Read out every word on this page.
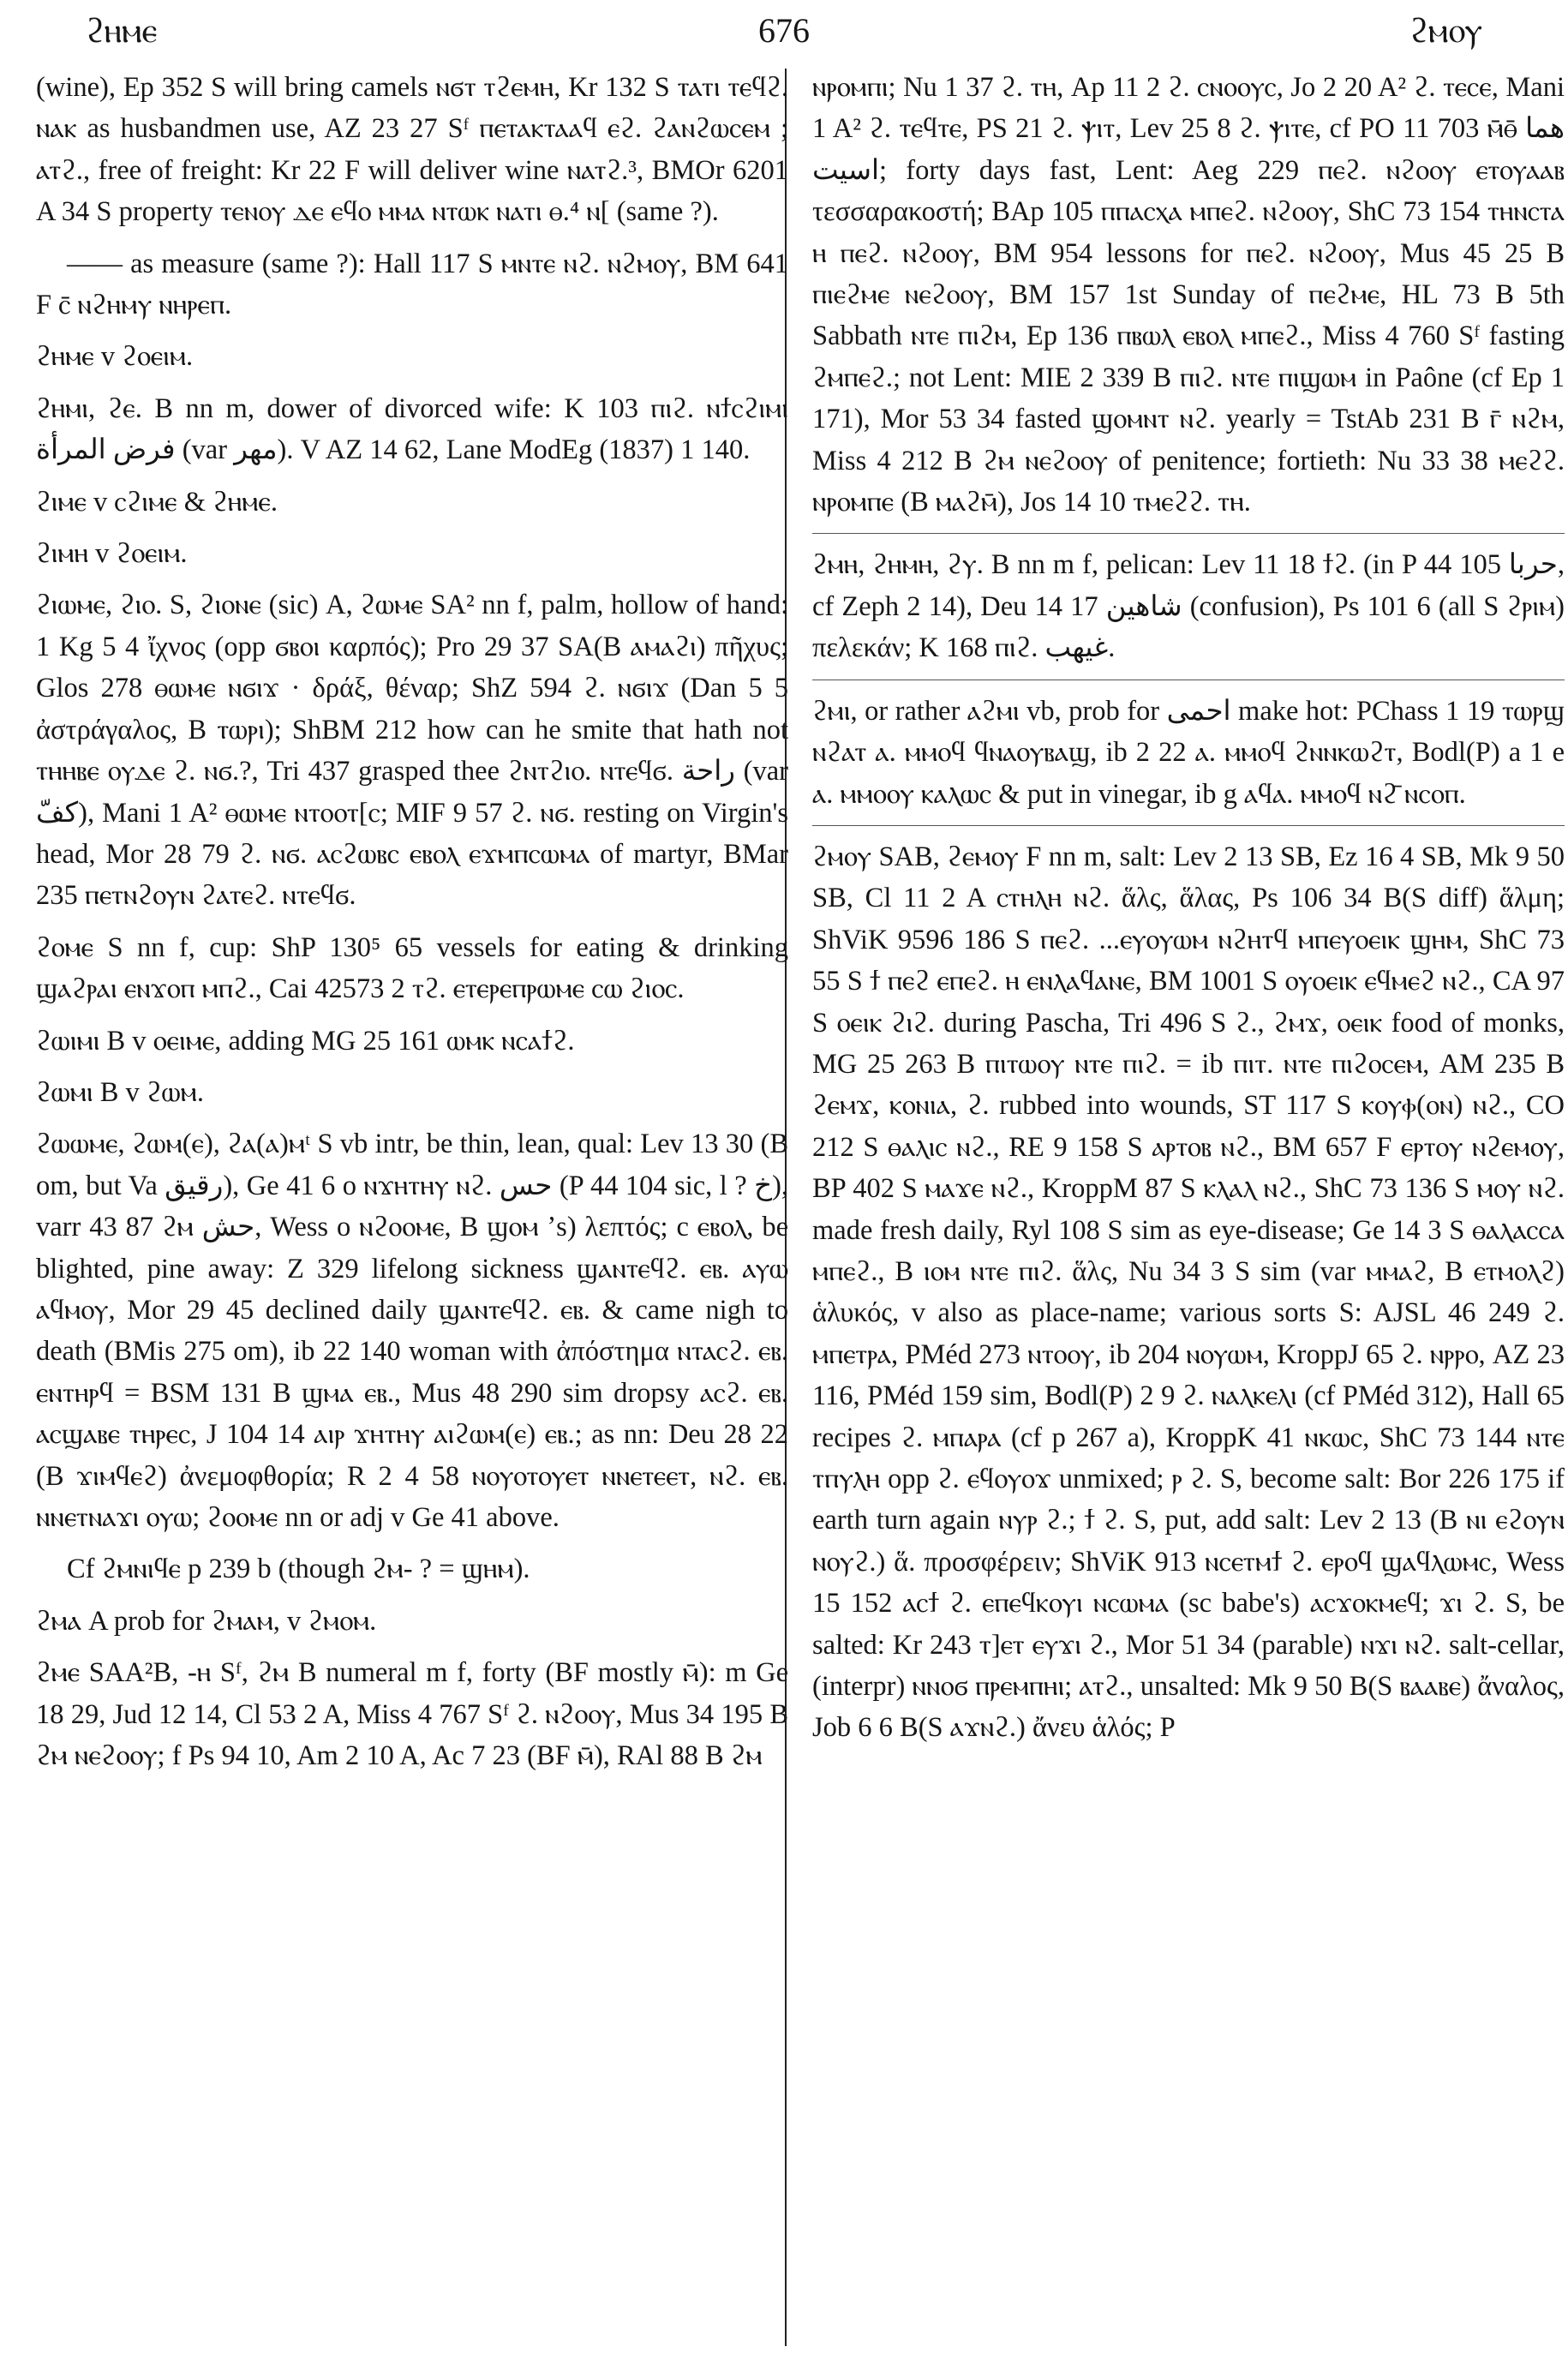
ϩⲏⲙⲉ	676	ϩⲙⲟⲩ

(wine), Ep 352 S will bring camels ⲛϭⲧ ⲧϩⲉⲙⲏ, Kr 132 S ⲧⲁⲧⲓ ⲧⲉϥϩ. ⲛⲁⲕ as husbandmen use, AZ 23 27 Sᶠ ⲡⲉⲧⲁⲕⲧⲁⲁϥ ⲉϩ. ϩⲁⲛϩⲱⲥⲉⲙ ; ⲁⲧϩ., free of freight: Kr 22 F will deliver wine ⲛⲁⲧϩ.³, BMOr 6201 A 34 S property ⲧⲉⲛⲟⲩ ⲇⲉ ⲉϥⲟ ⲙⲙⲁ ⲛⲧⲱⲕ ⲛⲁⲧⲓ ⲑ.⁴ ⲛ[ (same ?).

—— as measure (same ?): Hall 117 S ⲙⲛⲧⲉ ⲛϩ. ⲛϩⲙⲟⲩ, BM 641 F ⲥ̄ ⲛϩⲏⲙⲩ ⲛⲏⲣⲉⲡ.

ϩⲏⲙⲉ v ϩⲟⲉⲓⲙ.

ϩⲏⲙⲓ, ϩⲉ. B nn m, dower of divorced wife: K 103 ⲡⲓϩ. ⲛϯⲥϩⲓⲙⲓ فرض المرأة (var مهر). V AZ 14 62, Lane ModEg (1837) 1 140.

ϩⲓⲙⲉ v ⲥϩⲓⲙⲉ & ϩⲏⲙⲉ.

ϩⲓⲙⲏ v ϩⲟⲉⲓⲙ.

ϩⲓⲱⲙⲉ, ϩⲓⲟ. S, ϩⲓⲟⲛⲉ (sic) A, ϩⲱⲙⲉ SA² nn f, palm, hollow of hand: 1 Kg 5 4 ἴχνος (opp ϭⲃⲟⲓ καρπός); Pro 29 37 SA(B ⲁⲙⲁϩⲓ) πῆχυς; Glos 278 ⲑⲱⲙⲉ ⲛϭⲓϫ · δράξ, θέναρ; ShZ 594 ϩ. ⲛϭⲓϫ (Dan 5 5 ἀστράγαλος, B ⲧⲱⲣⲓ); ShBM 212 how can he smite that hath not ⲧⲏⲏⲃⲉ ⲟⲩⲇⲉ ϩ. ⲛϭ.?, Tri 437 grasped thee ϩⲛⲧϩⲓⲟ. ⲛⲧⲉϥϭ. راحة (var كفّ), Mani 1 A² ⲑⲱⲙⲉ ⲛⲧⲟⲟⲧ[ⲥ; MIF 9 57 ϩ. ⲛϭ. resting on Virgin's head, Mor 28 79 ϩ. ⲛϭ. ⲁⲥϩⲱⲃⲥ ⲉⲃⲟⲗ ⲉϫⲙⲡⲥⲱⲙⲁ of martyr, BMar 235 ⲡⲉⲧⲛϩⲟⲩⲛ ϩⲁⲧⲉϩ. ⲛⲧⲉϥϭ.

ϩⲟⲙⲉ S nn f, cup: ShP 130⁵ 65 vessels for eating & drinking ϣⲁϩⲣⲁⲓ ⲉⲛϫⲟⲡ ⲙⲡϩ., Cai 42573 2 ⲧϩ. ⲉⲧⲉⲣⲉⲡⲣⲱⲙⲉ ⲥⲱ ϩⲓⲟⲥ.

ϩⲱⲓⲙⲓ B v ⲟⲉⲓⲙⲉ, adding MG 25 161 ⲱⲙⲕ ⲛⲥⲁϯϩ.

ϩⲱⲙⲓ B v ϩⲱⲙ.

ϩⲱⲱⲙⲉ, ϩⲱⲙ(ⲉ), ϩⲁ(ⲁ)ⲙᵗ S vb intr, be thin, lean, qual: Lev 13 30 (B om, but Va رقيق), Ge 41 6 o ⲛϫⲏⲧⲏⲩ ⲛϩ. حس (P 44 104 sic, l ? خ), varr 43 87 ϩⲙ حش, Wess o ⲛϩⲟⲟⲙⲉ, B ϣⲟⲙ ʼs) λεπτός; c ⲉⲃⲟⲗ, be blighted, pine away: Z 329 lifelong sickness ϣⲁⲛⲧⲉϥϩ. ⲉⲃ. ⲁⲩⲱ ⲁϥⲙⲟⲩ, Mor 29 45 declined daily ϣⲁⲛⲧⲉϥϩ. ⲉⲃ. & came nigh to death (BMis 275 om), ib 22 140 woman with ἀπόστημα ⲛⲧⲁⲥϩ. ⲉⲃ. ⲉⲛⲧⲏⲣϥ = BSM 131 B ϣⲙⲁ ⲉⲃ., Mus 48 290 sim dropsy ⲁⲥϩ. ⲉⲃ. ⲁⲥϣⲁⲃⲉ ⲧⲏⲣⲉⲥ, J 104 14 ⲁⲓⲣ ϫⲏⲧⲏⲩ ⲁⲓϩⲱⲙ(ⲉ) ⲉⲃ.; as nn: Deu 28 22 (B ϫⲓⲙϥⲉϩ) ἀνεμοφθορία; R 2 4 58 ⲛⲟⲩⲟⲧⲟⲩⲉⲧ ⲛⲛⲉⲧⲉⲉⲧ, ⲛϩ. ⲉⲃ. ⲛⲛⲉⲧⲛⲁϫⲓ ⲟⲩⲱ; ϩⲟⲟⲙⲉ nn or adj v Ge 41 above.

Cf ϩⲙⲛⲓϥⲉ p 239 b (though ϩⲙ- ? = ϣⲏⲙ).

ϩⲙⲁ A prob for ϩⲙⲁⲙ, v ϩⲙⲟⲙ.

ϩⲙⲉ SAA²B, -ⲏ Sᶠ, ϩⲙ B numeral m f, forty (BF mostly ⲙ̄): m Ge 18 29, Jud 12 14, Cl 53 2 A, Miss 4 767 Sᶠ ϩ. ⲛϩⲟⲟⲩ, Mus 34 195 B ϩⲙ ⲛⲉϩⲟⲟⲩ; f Ps 94 10, Am 2 10 A, Ac 7 23 (BF ⲙ̄), RAl 88 B ϩⲙ

ⲛⲣⲟⲙⲡⲓ; Nu 1 37 ϩ. ⲧⲏ, Ap 11 2 ϩ. ⲥⲛⲟⲟⲩⲥ, Jo 2 20 A² ϩ. ⲧⲉⲥⲉ, Mani 1 A² ϩ. ⲧⲉϥⲧⲉ, PS 21 ϩ. ⲯⲓⲧ, Lev 25 8 ϩ. ⲯⲓⲧⲉ, cf PO 11 703 ⲙ̄ⲑ̄ هما اسيت; forty days fast, Lent: Aeg 229 ⲡⲉϩ. ⲛϩⲟⲟⲩ ⲉⲧⲟⲩⲁⲁⲃ τεσσαρακοστή; BAp 105 ⲡⲡⲁⲥⲭⲁ ⲙⲡⲉϩ. ⲛϩⲟⲟⲩ, ShC 73 154 ⲧⲏⲛⲥⲧⲁ ⲏ ⲡⲉϩ. ⲛϩⲟⲟⲩ, BM 954 lessons for ⲡⲉϩ. ⲛϩⲟⲟⲩ, Mus 45 25 B ⲡⲓⲉϩⲙⲉ ⲛⲉϩⲟⲟⲩ, BM 157 1st Sunday of ⲡⲉϩⲙⲉ, HL 73 B 5th Sabbath ⲛⲧⲉ ⲡⲓϩⲙ, Ep 136 ⲡⲃⲱⲗ ⲉⲃⲟⲗ ⲙⲡⲉϩ., Miss 4 760 Sᶠ fasting ϩⲙⲡⲉϩ.; not Lent: MIE 2 339 B ⲡⲓϩ. ⲛⲧⲉ ⲡⲓϣⲱⲙ in Paône (cf Ep 1 171), Mor 53 34 fasted ϣⲟⲙⲛⲧ ⲛϩ. yearly = TstAb 231 B ⲅ̄ ⲛϩⲙ, Miss 4 212 B ϩⲙ ⲛⲉϩⲟⲟⲩ of penitence; fortieth: Nu 33 38 ⲙⲉϩϩ. ⲛⲣⲟⲙⲡⲉ (B ⲙⲁϩⲙ̄), Jos 14 10 ⲧⲙⲉϩϩ. ⲧⲏ.

ϩⲙⲏ, ϩⲏⲙⲏ, ϩⲩ. B nn m f, pelican: Lev 11 18 ϯϩ. (in P 44 105 حربا, cf Zeph 2 14), Deu 14 17 شاهين (confusion), Ps 101 6 (all S ϩⲣⲓⲙ) πελεκάν; K 168 ⲡⲓϩ. غيهب.

ϩⲙⲓ, or rather ⲁϩⲙⲓ vb, prob for احمى make hot: PChass 1 19 ⲧⲱⲣϣ ⲛϩⲁⲧ ⲁ. ⲙⲙⲟϥ ϥⲛⲁⲟⲩⲃⲁϣ, ib 2 22 ⲁ. ⲙⲙⲟϥ ϩⲛⲛⲕⲱϩⲧ, Bodl(P) a 1 e ⲁ. ⲙⲙⲟⲟⲩ ⲕⲁⲗⲱⲥ & put in vinegar, ib g ⲁϥⲁ. ⲙⲙⲟϥ ⲛϩ̄ ⲛⲥⲟⲡ.

ϩⲙⲟⲩ SAB, ϩⲉⲙⲟⲩ F nn m, salt: Lev 2 13 SB, Ez 16 4 SB, Mk 9 50 SB, Cl 11 2 A ⲥⲧⲏⲗⲏ ⲛϩ. ἅλς, ἅλας, Ps 106 34 B(S diff) ἅλμη; ShViK 9596 186 S ⲡⲉϩ. ...ⲉⲩⲟⲩⲱⲙ ⲛϩⲏⲧϥ ⲙⲡⲉⲩⲟⲉⲓⲕ ϣⲏⲙ, ShC 73 55 S ϯ ⲡⲉϩ ⲉⲡⲉϩ. ⲏ ⲉⲛⲗⲁϥⲁⲛⲉ, BM 1001 S ⲟⲩⲟⲉⲓⲕ ⲉϥⲙⲉϩ ⲛϩ., CA 97 S ⲟⲉⲓⲕ ϩⲓϩ. during Pascha, Tri 496 S ϩ., ϩⲙϫ, ⲟⲉⲓⲕ food of monks, MG 25 263 B ⲡⲓⲧⲱⲟⲩ ⲛⲧⲉ ⲡⲓϩ. = ib ⲡⲓⲧ. ⲛⲧⲉ ⲡⲓϩⲟⲥⲉⲙ, AM 235 B ϩⲉⲙϫ, ⲕⲟⲛⲓⲁ, ϩ. rubbed into wounds, ST 117 S ⲕⲟⲩⲫ(ⲟⲛ) ⲛϩ., CO 212 S ⲑⲁⲗⲓⲥ ⲛϩ., RE 9 158 S ⲁⲣⲧⲟⲃ ⲛϩ., BM 657 F ⲉⲣⲧⲟⲩ ⲛϩⲉⲙⲟⲩ, BP 402 S ⲙⲁϫⲉ ⲛϩ., KroppM 87 S ⲕⲗⲁⲗ ⲛϩ., ShC 73 136 S ⲙⲟⲩ ⲛϩ. made fresh daily, Ryl 108 S sim as eye-disease; Ge 14 3 S ⲑⲁⲗⲁⲥⲥⲁ ⲙⲡⲉϩ., B ⲓⲟⲙ ⲛⲧⲉ ⲡⲓϩ. ἅλς, Nu 34 3 S sim (var ⲙⲙⲁϩ, B ⲉⲧⲙⲟⲗϩ) ἁλυκός, v also as place-name; various sorts S: AJSL 46 249 ϩ. ⲙⲡⲉⲧⲣⲁ, PMéd 273 ⲛⲧⲟⲟⲩ, ib 204 ⲛⲟⲩⲱⲙ, KroppJ 65 ϩ. ⲛⲣⲣⲟ, AZ 23 116, PMéd 159 sim, Bodl(P) 2 9 ϩ. ⲛⲁⲗⲕⲉⲗⲓ (cf PMéd 312), Hall 65 recipes ϩ. ⲙⲡⲁⲣⲁ (cf p 267 a), KroppK 41 ⲛⲕⲱⲥ, ShC 73 144 ⲛⲧⲉ ⲧⲡⲩⲗⲏ opp ϩ. ⲉϥⲟⲩⲟϫ unmixed; ⲣ ϩ. S, become salt: Bor 226 175 if earth turn again ⲛⲩⲣ ϩ.; ϯ ϩ. S, put, add salt: Lev 2 13 (B ⲛⲓ ⲉϩⲟⲩⲛ ⲛⲟⲩϩ.) ἅ. προσφέρειν; ShViK 913 ⲛⲥⲉⲧⲙϯ ϩ. ⲉⲣⲟϥ ϣⲁϥⲗⲱⲙⲥ, Wess 15 152 ⲁⲥϯ ϩ. ⲉⲡⲉϥⲕⲟⲩⲓ ⲛⲥⲱⲙⲁ (sc babe's) ⲁⲥϫⲟⲕⲙⲉϥ; ϫⲓ ϩ. S, be salted: Kr 243 ⲧ]ⲉⲧ ⲉⲩϫⲓ ϩ., Mor 51 34 (parable) ⲛϫⲓ ⲛϩ. salt-cellar, (interpr) ⲛⲛⲟϭ ⲡⲣⲉⲙⲡⲏⲓ; ⲁⲧϩ., unsalted: Mk 9 50 B(S ⲃⲁⲁⲃⲉ) ἄναλος, Job 6 6 B(S ⲁϫⲛϩ.) ἄνευ ἁλός; P
